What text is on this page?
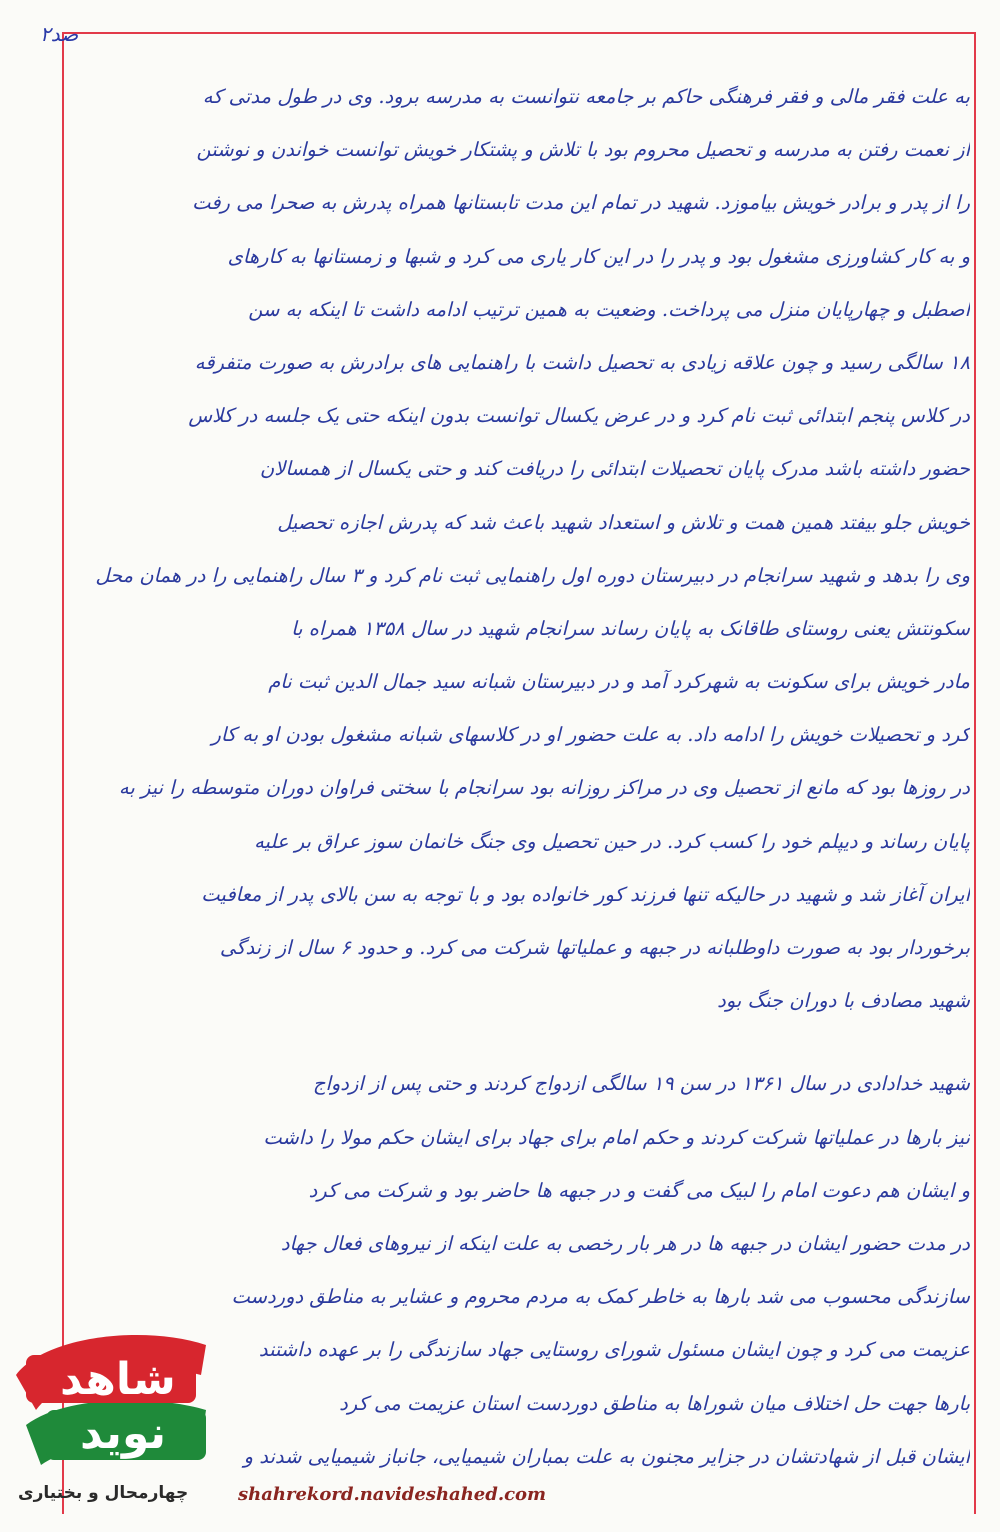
صد۲
به علت فقر مالی و فقر فرهنگی حاکم بر جامعه نتوانست به مدرسه برود. وی در طول مدتی که
از نعمت رفتن به مدرسه و تحصیل محروم بود با تلاش و پشتکار خویش توانست خواندن و نوشتن
را از پدر و برادر خویش بیاموزد. شهید در تمام این مدت تابستانها همراه پدرش به صحرا می رفت
و به کار کشاورزی مشغول بود و پدر را در این کار یاری می کرد و شبها و زمستانها به کارهای
اصطبل و چهارپایان منزل می پرداخت. وضعیت به همین ترتیب ادامه داشت تا اینکه به سن
۱۸ سالگی رسید و چون علاقه زیادی به تحصیل داشت با راهنمایی های برادرش به صورت متفرقه
در کلاس پنجم ابتدائی ثبت نام کرد و در عرض یکسال توانست بدون اینکه حتی یک جلسه در کلاس
حضور داشته باشد مدرک پایان تحصیلات ابتدائی را دریافت کند و حتی یکسال از همسالان
خویش جلو بیفتد همین همت و تلاش و استعداد شهید باعث شد که پدرش اجازه تحصیل
وی را بدهد و شهید سرانجام در دبیرستان دوره اول راهنمایی ثبت نام کرد و ۳ سال راهنمایی را در همان محل
سکونتش یعنی روستای طاقانک به پایان رساند سرانجام شهید در سال ۱۳۵۸ همراه با
مادر خویش برای سکونت به شهرکرد آمد و در دبیرستان شبانه سید جمال الدین ثبت نام
کرد و تحصیلات خویش را ادامه داد. به علت حضور او در کلاسهای شبانه مشغول بودن او به کار
در روزها بود که مانع از تحصیل وی در مراکز روزانه بود سرانجام با سختی فراوان دوران متوسطه را نیز به
پایان رساند و دیپلم خود را کسب کرد. در حین تحصیل وی جنگ خانمان سوز عراق بر علیه
ایران آغاز شد و شهید در حالیکه تنها فرزند کور خانواده بود و با توجه به سن بالای پدر از معافیت
برخوردار بود به صورت داوطلبانه در جبهه و عملیاتها شرکت می کرد. و حدود ۶ سال از زندگی
شهید مصادف با دوران جنگ بود
شهید خدادادی در سال ۱۳۶۱ در سن ۱۹ سالگی ازدواج کردند و حتی پس از ازدواج
نیز بارها در عملیاتها شرکت کردند و حکم امام برای جهاد برای ایشان حکم مولا را داشت
و ایشان هم دعوت امام را لبیک می گفت و در جبهه ها حاضر بود و شرکت می کرد
در مدت حضور ایشان در جبهه ها در هر بار رخصی به علت اینکه از نیروهای فعال جهاد
سازندگی محسوب می شد بارها به خاطر کمک به مردم محروم و عشایر به مناطق دوردست
عزیمت می کرد و چون ایشان مسئول شورای روستایی جهاد سازندگی را بر عهده داشتند
بارها جهت حل اختلاف میان شوراها به مناطق دوردست استان عزیمت می کرد
ایشان قبل از شهادتشان در جزایر مجنون به علت بمباران شیمیایی، جانباز شیمیایی شدند و
شاهد
نوید
چهارمحال و بختیاری	shahrekord.navideshahed.com
